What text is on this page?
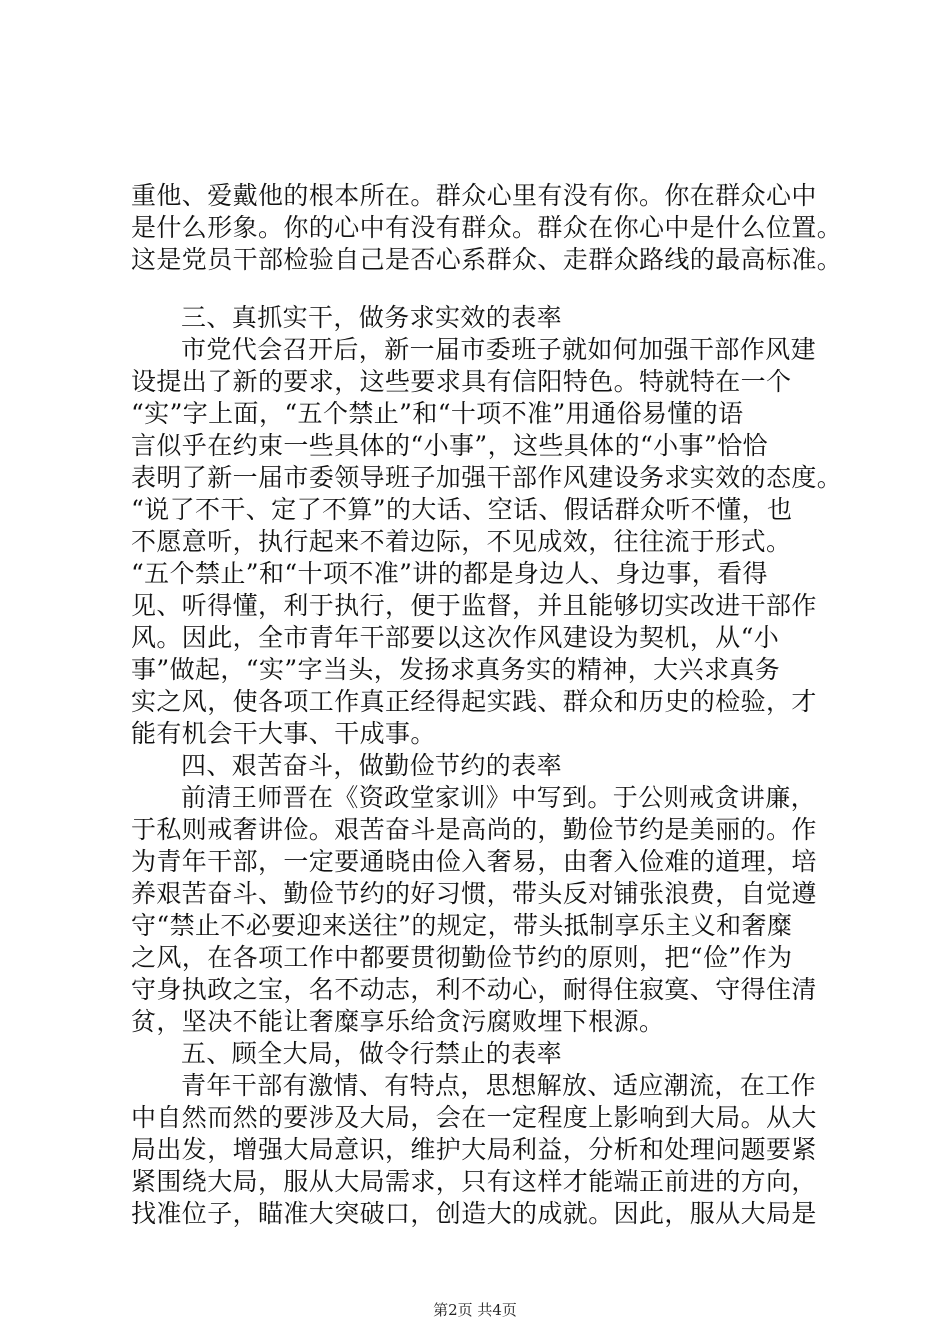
重他、爱戴他的根本所在。群众心里有没有你。你在群众心中
是什么形象。你的心中有没有群众。群众在你心中是什么位置。
这是党员干部检验自己是否心系群众、走群众路线的最高标准。
三、真抓实干，做务求实效的表率
市党代会召开后，新一届市委班子就如何加强干部作风建
设提出了新的要求，这些要求具有信阳特色。特就特在一个
“实”字上面，“五个禁止”和“十项不准”用通俗易懂的语
言似乎在约束一些具体的“小事”，这些具体的“小事”恰恰
表明了新一届市委领导班子加强干部作风建设务求实效的态度。
“说了不干、定了不算”的大话、空话、假话群众听不懂，也
不愿意听，执行起来不着边际，不见成效，往往流于形式。
“五个禁止”和“十项不准”讲的都是身边人、身边事，看得
见、听得懂，利于执行，便于监督，并且能够切实改进干部作
风。因此，全市青年干部要以这次作风建设为契机，从“小
事”做起，“实”字当头，发扬求真务实的精神，大兴求真务
实之风，使各项工作真正经得起实践、群众和历史的检验，才
能有机会干大事、干成事。
四、艰苦奋斗，做勤俭节约的表率
前清王师晋在《资政堂家训》中写到。于公则戒贪讲廉，
于私则戒奢讲俭。艰苦奋斗是高尚的，勤俭节约是美丽的。作
为青年干部，一定要通晓由俭入奢易，由奢入俭难的道理，培
养艰苦奋斗、勤俭节约的好习惯，带头反对铺张浪费，自觉遵
守“禁止不必要迎来送往”的规定，带头抵制享乐主义和奢糜
之风，在各项工作中都要贯彻勤俭节约的原则，把“俭”作为
守身执政之宝，名不动志，利不动心，耐得住寂寞、守得住清
贫，坚决不能让奢糜享乐给贪污腐败埋下根源。
五、顾全大局，做令行禁止的表率
青年干部有激情、有特点，思想解放、适应潮流，在工作
中自然而然的要涉及大局，会在一定程度上影响到大局。从大
局出发，增强大局意识，维护大局利益，分析和处理问题要紧
紧围绕大局，服从大局需求，只有这样才能端正前进的方向，
找准位子，瞄准大突破口，创造大的成就。因此，服从大局是
第2页 共4页
